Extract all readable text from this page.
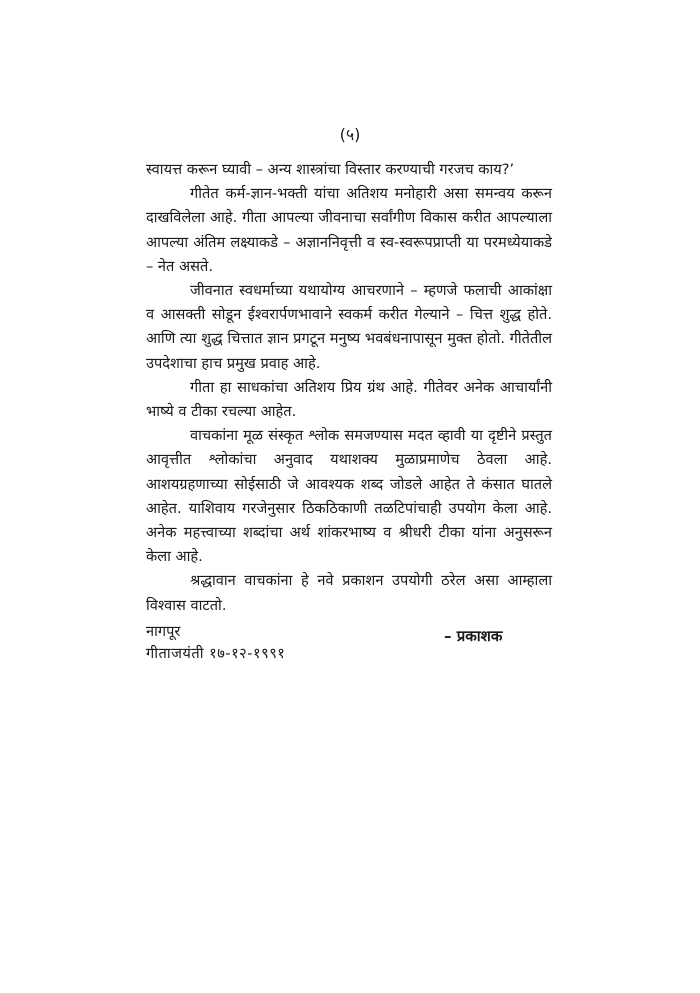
(५)

स्वायत्त करून घ्यावी – अन्य शास्त्रांचा विस्तार करण्याची गरजच काय?’

गीतेत कर्म-ज्ञान-भक्ती यांचा अतिशय मनोहारी असा समन्वय करून दाखविलेला आहे. गीता आपल्या जीवनाचा सर्वांगीण विकास करीत आपल्याला आपल्या अंतिम लक्ष्याकडे – अज्ञाननिवृत्ती व स्व-स्वरूपप्राप्ती या परमध्येयाकडे – नेत असते.

जीवनात स्वधर्माच्या यथायोग्य आचरणाने – म्हणजे फलाची आकांक्षा व आसक्ती सोडून ईश्वरार्पणभावाने स्वकर्म करीत गेल्याने – चित्त शुद्ध होते. आणि त्या शुद्ध चित्तात ज्ञान प्रगटून मनुष्य भवबंधनापासून मुक्त होतो. गीतेतील उपदेशाचा हाच प्रमुख प्रवाह आहे.

गीता हा साधकांचा अतिशय प्रिय ग्रंथ आहे. गीतेवर अनेक आचार्यांनी भाष्ये व टीका रचल्या आहेत.

वाचकांना मूळ संस्कृत श्लोक समजण्यास मदत व्हावी या दृष्टीने प्रस्तुत आवृत्तीत श्लोकांचा अनुवाद यथाशक्य मुळाप्रमाणेच ठेवला आहे. आशयग्रहणाच्या सोईसाठी जे आवश्यक शब्द जोडले आहेत ते कंसात घातले आहेत. याशिवाय गरजेनुसार ठिकठिकाणी तळटिपांचाही उपयोग केला आहे. अनेक महत्त्वाच्या शब्दांचा अर्थ शांकरभाष्य व श्रीधरी टीका यांना अनुसरून केला आहे.

श्रद्धावान वाचकांना हे नवे प्रकाशन उपयोगी ठरेल असा आम्हाला विश्वास वाटतो.

नागपूर
गीताजयंती १७-१२-१९९१
– प्रकाशक
